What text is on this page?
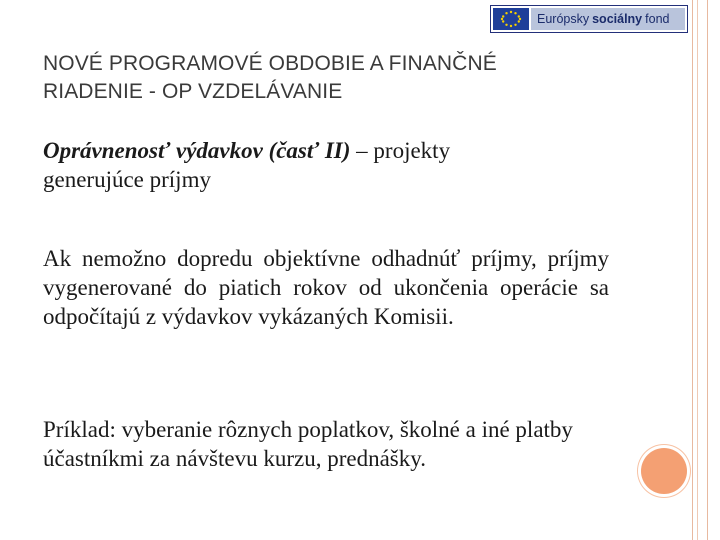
Európsky sociálny fond
NOVÉ PROGRAMOVÉ OBDOBIE A FINANČNÉ
RIADENIE - OP VZDELÁVANIE
Oprávnenosť výdavkov (časť II) – projekty
generujúce príjmy
Ak nemožno dopredu objektívne odhadnúť príjmy, príjmy vygenerované do piatich rokov od ukončenia operácie sa odpočítajú z výdavkov vykázaných Komisii.
Príklad: vyberanie rôznych poplatkov, školné a iné platby účastníkmi za návštevu kurzu, prednášky.
